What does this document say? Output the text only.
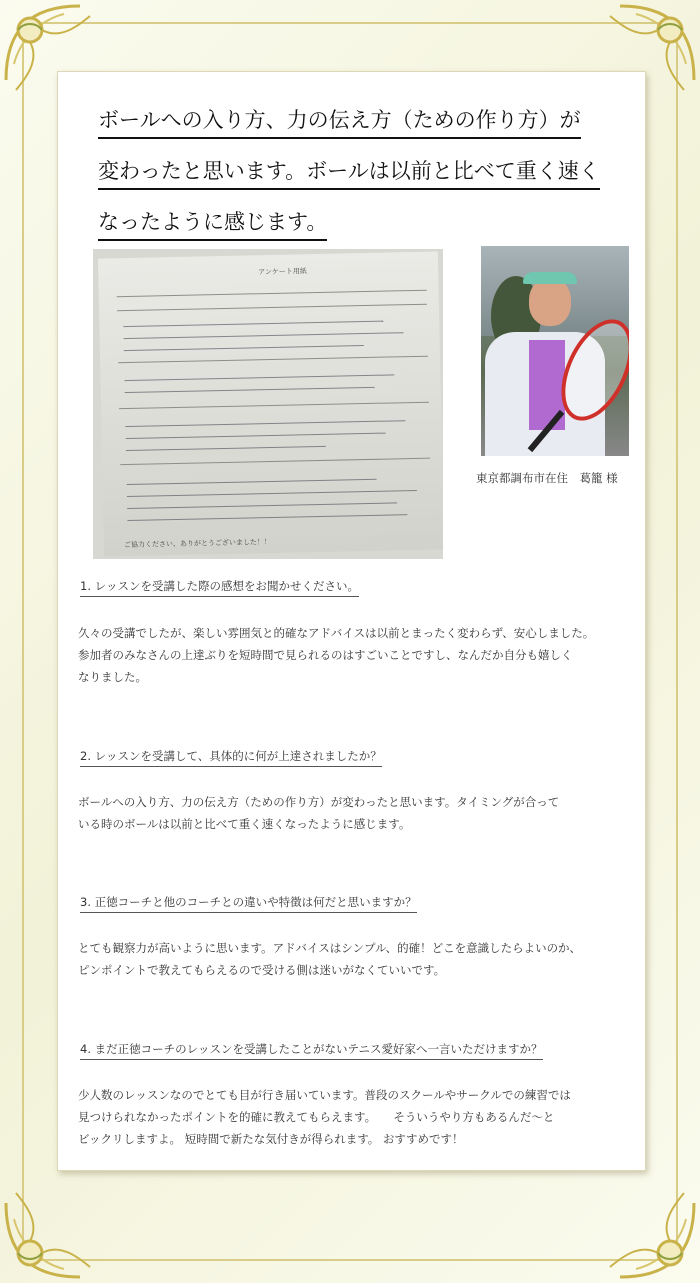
ボールへの入り方、力の伝え方（ための作り方）が
変わったと思います。ボールは以前と比べて重く速く
なったように感じます。
アンケート用紙
ご協力ください、ありがとうございました！！
東京都調布市在住　葛籠 様
1. レッスンを受講した際の感想をお聞かせください。
久々の受講でしたが、楽しい雰囲気と的確なアドバイスは以前とまったく変わらず、安心しました。
参加者のみなさんの上達ぶりを短時間で見られるのはすごいことですし、なんだか自分も嬉しく
なりました。
2. レッスンを受講して、具体的に何が上達されましたか？
ボールへの入り方、力の伝え方（ための作り方）が変わったと思います。タイミングが合って
いる時のボールは以前と比べて重く速くなったように感じます。
3. 正徳コーチと他のコーチとの違いや特徴は何だと思いますか？
とても観察力が高いように思います。アドバイスはシンプル、的確！どこを意識したらよいのか、
ピンポイントで教えてもらえるので受ける側は迷いがなくていいです。
4. まだ正徳コーチのレッスンを受講したことがないテニス愛好家へ一言いただけますか？
少人数のレッスンなのでとても目が行き届いています。普段のスクールやサークルでの練習では
見つけられなかったポイントを的確に教えてもらえます。　　そういうやり方もあるんだ～と
ビックリしますよ。 短時間で新たな気付きが得られます。 おすすめです！
